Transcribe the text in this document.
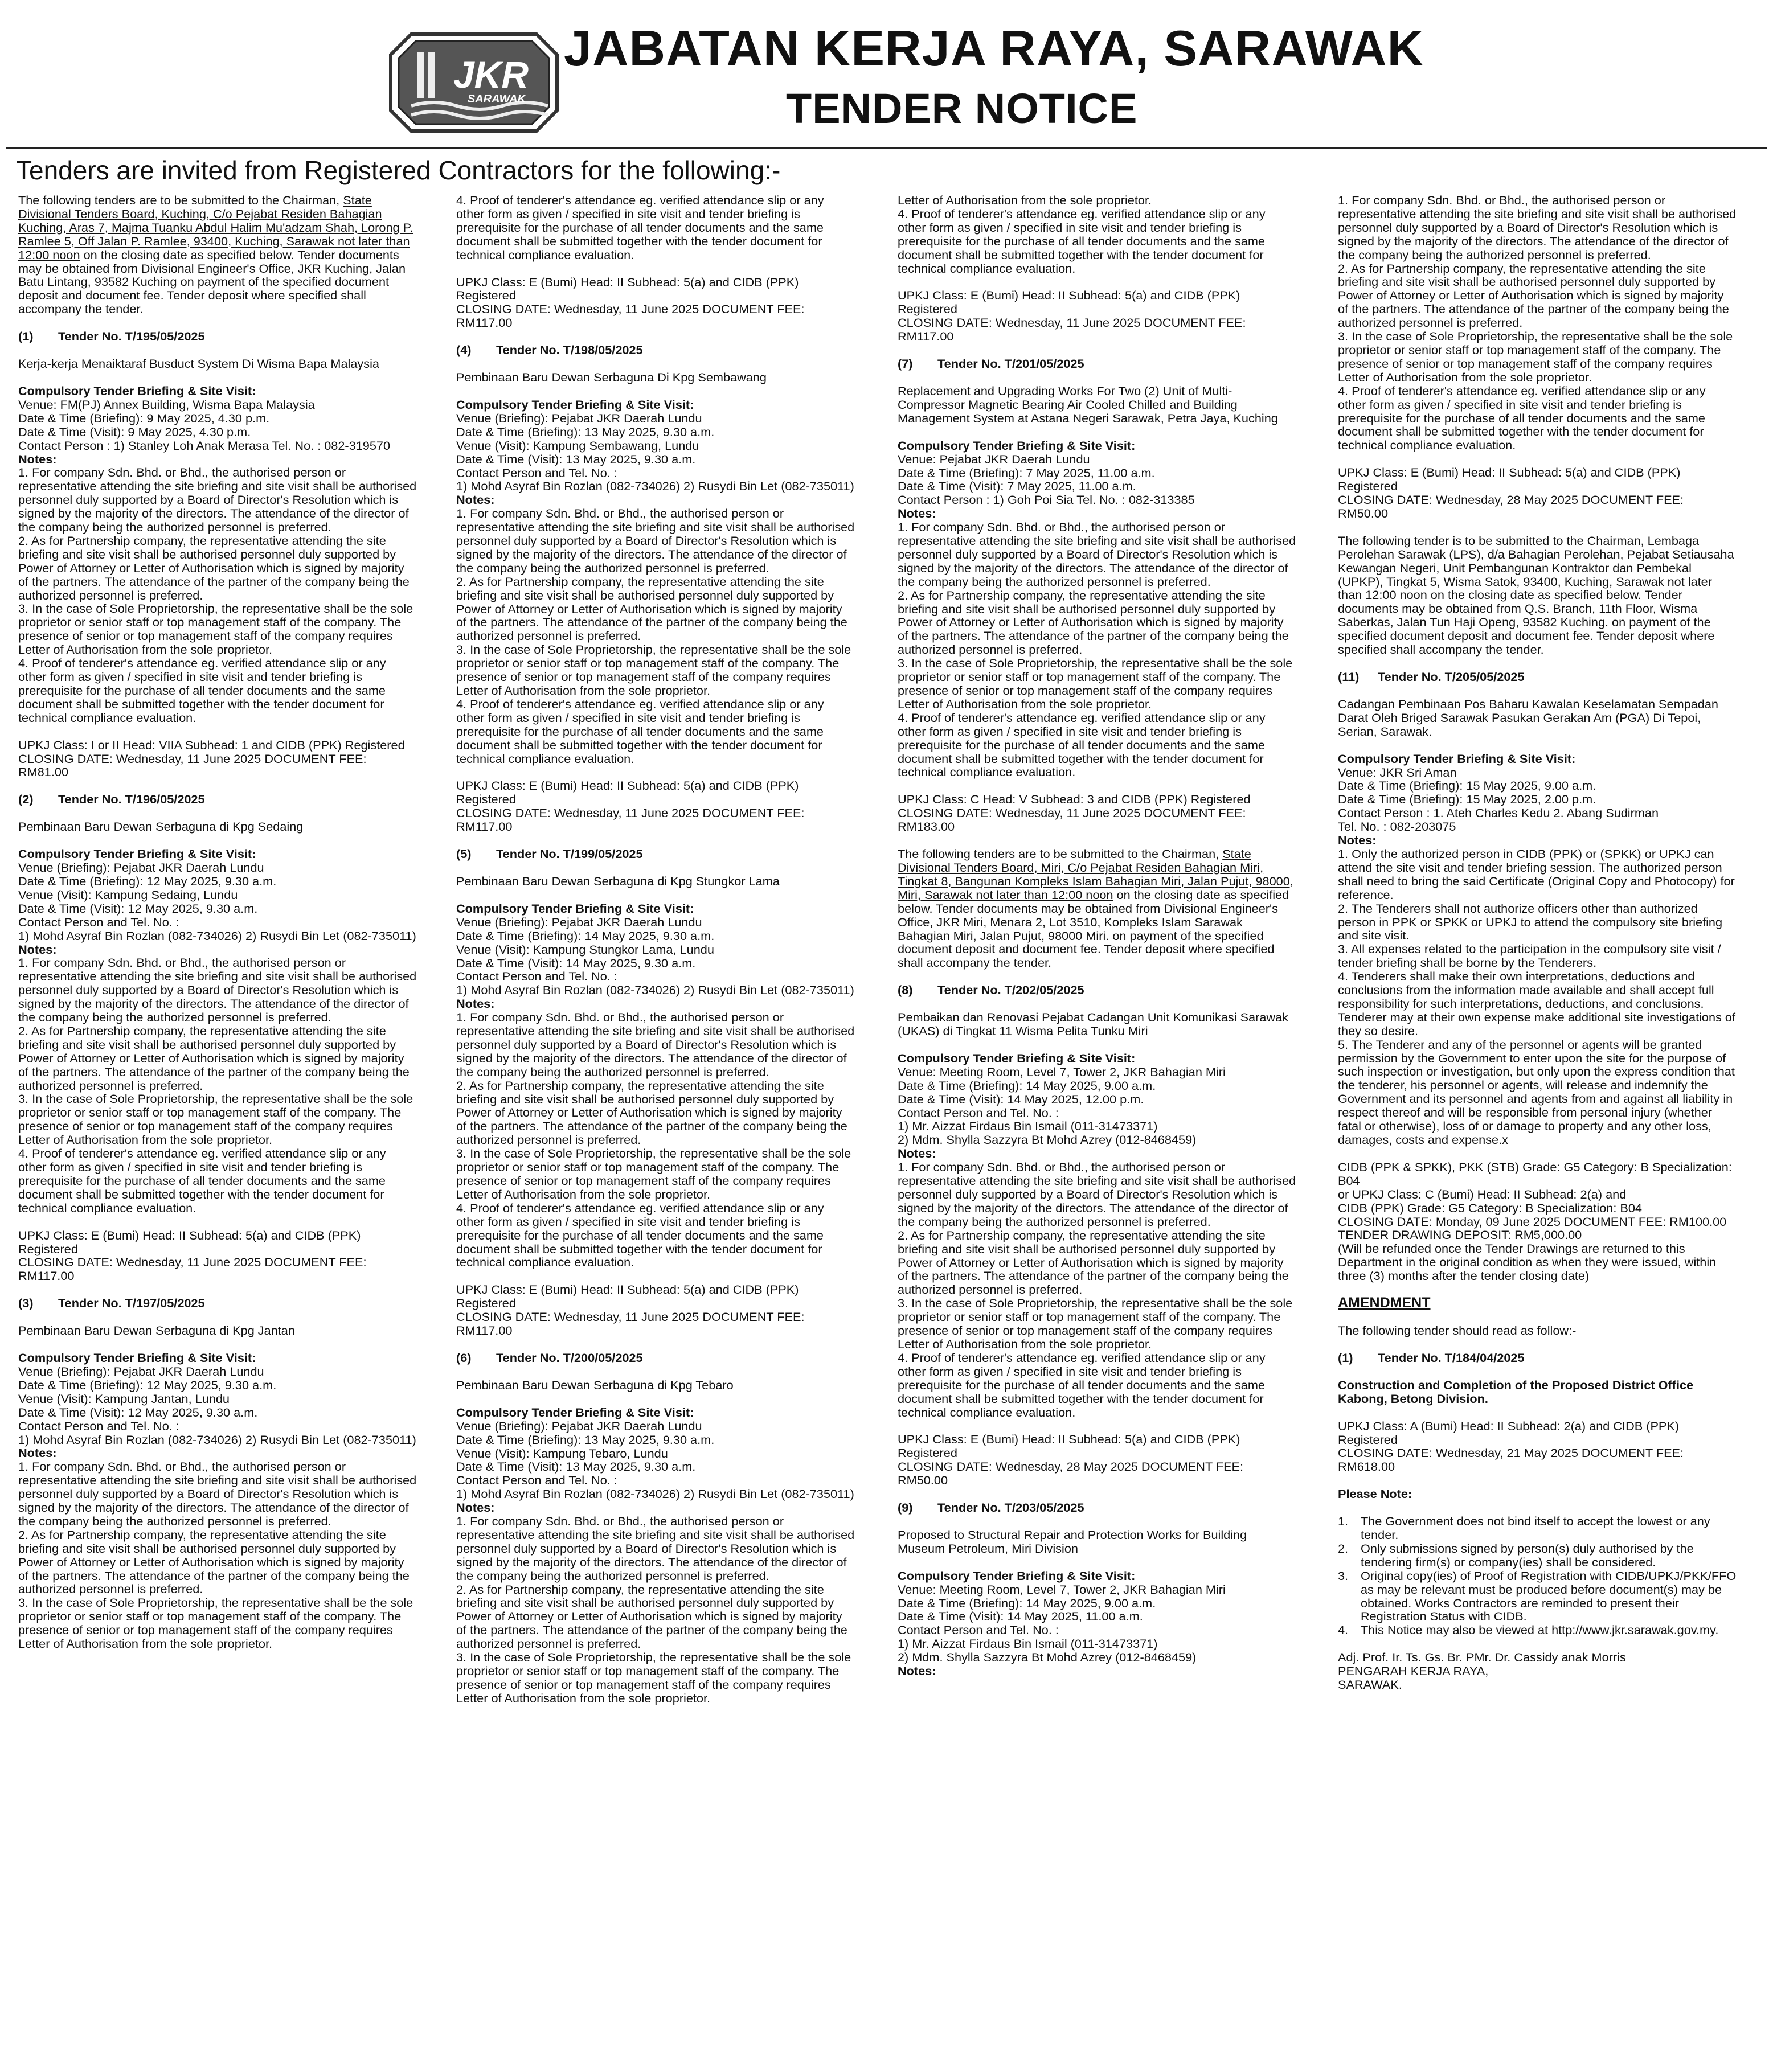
JKR
SARAWAK
JABATAN KERJA RAYA, SARAWAK
TENDER NOTICE
Tenders are invited from Registered Contractors for the following:-

The following tenders are to be submitted to the Chairman, State Divisional Tenders Board, Kuching, C/o Pejabat Residen Bahagian Kuching, Aras 7, Majma Tuanku Abdul Halim Mu'adzam Shah, Lorong P. Ramlee 5, Off Jalan P. Ramlee, 93400, Kuching, Sarawak not later than 12:00 noon on the closing date as specified below. Tender documents may be obtained from Divisional Engineer's Office, JKR Kuching, Jalan Batu Lintang, 93582 Kuching on payment of the specified document deposit and document fee. Tender deposit where specified shall accompany the tender.

(1) Tender No. T/195/05/2025

Kerja-kerja Menaiktaraf Busduct System Di Wisma Bapa Malaysia

Compulsory Tender Briefing & Site Visit:

Venue: FM(PJ) Annex Building, Wisma Bapa Malaysia

Date & Time (Briefing): 9 May 2025, 4.30 p.m.

Date & Time (Visit): 9 May 2025, 4.30 p.m.

Contact Person : 1) Stanley Loh Anak Merasa Tel. No. : 082-319570

Notes:

1. For company Sdn. Bhd. or Bhd., the authorised person or representative attending the site briefing and site visit shall be authorised personnel duly supported by a Board of Director's Resolution which is signed by the majority of the directors. The attendance of the director of the company being the authorized personnel is preferred.

2. As for Partnership company, the representative attending the site briefing and site visit shall be authorised personnel duly supported by Power of Attorney or Letter of Authorisation which is signed by majority of the partners. The attendance of the partner of the company being the authorized personnel is preferred.

3. In the case of Sole Proprietorship, the representative shall be the sole proprietor or senior staff or top management staff of the company. The presence of senior or top management staff of the company requires Letter of Authorisation from the sole proprietor.

4. Proof of tenderer's attendance eg. verified attendance slip or any other form as given / specified in site visit and tender briefing is prerequisite for the purchase of all tender documents and the same document shall be submitted together with the tender document for technical compliance evaluation.

UPKJ Class: I or II Head: VIIA Subhead: 1 and CIDB (PPK) Registered

CLOSING DATE: Wednesday, 11 June 2025 DOCUMENT FEE: RM81.00

(2) Tender No. T/196/05/2025

Pembinaan Baru Dewan Serbaguna di Kpg Sedaing

Compulsory Tender Briefing & Site Visit:

Venue (Briefing): Pejabat JKR Daerah Lundu

Date & Time (Briefing): 12 May 2025, 9.30 a.m.

Venue (Visit): Kampung Sedaing, Lundu

Date & Time (Visit): 12 May 2025, 9.30 a.m.

Contact Person and Tel. No. :

1) Mohd Asyraf Bin Rozlan (082-734026) 2) Rusydi Bin Let (082-735011)

Notes:

1. For company Sdn. Bhd. or Bhd., the authorised person or representative attending the site briefing and site visit shall be authorised personnel duly supported by a Board of Director's Resolution which is signed by the majority of the directors. The attendance of the director of the company being the authorized personnel is preferred.

2. As for Partnership company, the representative attending the site briefing and site visit shall be authorised personnel duly supported by Power of Attorney or Letter of Authorisation which is signed by majority of the partners. The attendance of the partner of the company being the authorized personnel is preferred.

3. In the case of Sole Proprietorship, the representative shall be the sole proprietor or senior staff or top management staff of the company. The presence of senior or top management staff of the company requires Letter of Authorisation from the sole proprietor.

4. Proof of tenderer's attendance eg. verified attendance slip or any other form as given / specified in site visit and tender briefing is prerequisite for the purchase of all tender documents and the same document shall be submitted together with the tender document for technical compliance evaluation.

UPKJ Class: E (Bumi) Head: II Subhead: 5(a) and CIDB (PPK) Registered

CLOSING DATE: Wednesday, 11 June 2025 DOCUMENT FEE: RM117.00

(3) Tender No. T/197/05/2025

Pembinaan Baru Dewan Serbaguna di Kpg Jantan

Compulsory Tender Briefing & Site Visit:

Venue (Briefing): Pejabat JKR Daerah Lundu

Date & Time (Briefing): 12 May 2025, 9.30 a.m.

Venue (Visit): Kampung Jantan, Lundu

Date & Time (Visit): 12 May 2025, 9.30 a.m.

Contact Person and Tel. No. :

1) Mohd Asyraf Bin Rozlan (082-734026) 2) Rusydi Bin Let (082-735011)

Notes:

1. For company Sdn. Bhd. or Bhd., the authorised person or representative attending the site briefing and site visit shall be authorised personnel duly supported by a Board of Director's Resolution which is signed by the majority of the directors. The attendance of the director of the company being the authorized personnel is preferred.

2. As for Partnership company, the representative attending the site briefing and site visit shall be authorised personnel duly supported by Power of Attorney or Letter of Authorisation which is signed by majority of the partners. The attendance of the partner of the company being the authorized personnel is preferred.

3. In the case of Sole Proprietorship, the representative shall be the sole proprietor or senior staff or top management staff of the company. The presence of senior or top management staff of the company requires Letter of Authorisation from the sole proprietor.

4. Proof of tenderer's attendance eg. verified attendance slip or any other form as given / specified in site visit and tender briefing is prerequisite for the purchase of all tender documents and the same document shall be submitted together with the tender document for technical compliance evaluation.

UPKJ Class: E (Bumi) Head: II Subhead: 5(a) and CIDB (PPK) Registered

CLOSING DATE: Wednesday, 11 June 2025 DOCUMENT FEE: RM117.00

(4) Tender No. T/198/05/2025

Pembinaan Baru Dewan Serbaguna Di Kpg Sembawang

Compulsory Tender Briefing & Site Visit:

Venue (Briefing): Pejabat JKR Daerah Lundu

Date & Time (Briefing): 13 May 2025, 9.30 a.m.

Venue (Visit): Kampung Sembawang, Lundu

Date & Time (Visit): 13 May 2025, 9.30 a.m.

Contact Person and Tel. No. :

1) Mohd Asyraf Bin Rozlan (082-734026) 2) Rusydi Bin Let (082-735011)

Notes:

1. For company Sdn. Bhd. or Bhd., the authorised person or representative attending the site briefing and site visit shall be authorised personnel duly supported by a Board of Director's Resolution which is signed by the majority of the directors. The attendance of the director of the company being the authorized personnel is preferred.

2. As for Partnership company, the representative attending the site briefing and site visit shall be authorised personnel duly supported by Power of Attorney or Letter of Authorisation which is signed by majority of the partners. The attendance of the partner of the company being the authorized personnel is preferred.

3. In the case of Sole Proprietorship, the representative shall be the sole proprietor or senior staff or top management staff of the company. The presence of senior or top management staff of the company requires Letter of Authorisation from the sole proprietor.

4. Proof of tenderer's attendance eg. verified attendance slip or any other form as given / specified in site visit and tender briefing is prerequisite for the purchase of all tender documents and the same document shall be submitted together with the tender document for technical compliance evaluation.

UPKJ Class: E (Bumi) Head: II Subhead: 5(a) and CIDB (PPK) Registered

CLOSING DATE: Wednesday, 11 June 2025 DOCUMENT FEE: RM117.00

(5) Tender No. T/199/05/2025

Pembinaan Baru Dewan Serbaguna di Kpg Stungkor Lama

Compulsory Tender Briefing & Site Visit:

Venue (Briefing): Pejabat JKR Daerah Lundu

Date & Time (Briefing): 14 May 2025, 9.30 a.m.

Venue (Visit): Kampung Stungkor Lama, Lundu

Date & Time (Visit): 14 May 2025, 9.30 a.m.

Contact Person and Tel. No. :

1) Mohd Asyraf Bin Rozlan (082-734026) 2) Rusydi Bin Let (082-735011)

Notes:

1. For company Sdn. Bhd. or Bhd., the authorised person or representative attending the site briefing and site visit shall be authorised personnel duly supported by a Board of Director's Resolution which is signed by the majority of the directors. The attendance of the director of the company being the authorized personnel is preferred.

2. As for Partnership company, the representative attending the site briefing and site visit shall be authorised personnel duly supported by Power of Attorney or Letter of Authorisation which is signed by majority of the partners. The attendance of the partner of the company being the authorized personnel is preferred.

3. In the case of Sole Proprietorship, the representative shall be the sole proprietor or senior staff or top management staff of the company. The presence of senior or top management staff of the company requires Letter of Authorisation from the sole proprietor.

4. Proof of tenderer's attendance eg. verified attendance slip or any other form as given / specified in site visit and tender briefing is prerequisite for the purchase of all tender documents and the same document shall be submitted together with the tender document for technical compliance evaluation.

UPKJ Class: E (Bumi) Head: II Subhead: 5(a) and CIDB (PPK) Registered

CLOSING DATE: Wednesday, 11 June 2025 DOCUMENT FEE: RM117.00

(6) Tender No. T/200/05/2025

Pembinaan Baru Dewan Serbaguna di Kpg Tebaro

Compulsory Tender Briefing & Site Visit:

Venue (Briefing): Pejabat JKR Daerah Lundu

Date & Time (Briefing): 13 May 2025, 9.30 a.m.

Venue (Visit): Kampung Tebaro, Lundu

Date & Time (Visit): 13 May 2025, 9.30 a.m.

Contact Person and Tel. No. :

1) Mohd Asyraf Bin Rozlan (082-734026) 2) Rusydi Bin Let (082-735011)

Notes:

1. For company Sdn. Bhd. or Bhd., the authorised person or representative attending the site briefing and site visit shall be authorised personnel duly supported by a Board of Director's Resolution which is signed by the majority of the directors. The attendance of the director of the company being the authorized personnel is preferred.

2. As for Partnership company, the representative attending the site briefing and site visit shall be authorised personnel duly supported by Power of Attorney or Letter of Authorisation which is signed by majority of the partners. The attendance of the partner of the company being the authorized personnel is preferred.

3. In the case of Sole Proprietorship, the representative shall be the sole proprietor or senior staff or top management staff of the company. The presence of senior or top management staff of the company requires Letter of Authorisation from the sole proprietor.

Letter of Authorisation from the sole proprietor.

4. Proof of tenderer's attendance eg. verified attendance slip or any other form as given / specified in site visit and tender briefing is prerequisite for the purchase of all tender documents and the same document shall be submitted together with the tender document for technical compliance evaluation.

UPKJ Class: E (Bumi) Head: II Subhead: 5(a) and CIDB (PPK) Registered

CLOSING DATE: Wednesday, 11 June 2025 DOCUMENT FEE: RM117.00

(7) Tender No. T/201/05/2025

Replacement and Upgrading Works For Two (2) Unit of Multi-Compressor Magnetic Bearing Air Cooled Chilled and Building Management System at Astana Negeri Sarawak, Petra Jaya, Kuching

Compulsory Tender Briefing & Site Visit:

Venue: Pejabat JKR Daerah Lundu

Date & Time (Briefing): 7 May 2025, 11.00 a.m.

Date & Time (Visit): 7 May 2025, 11.00 a.m.

Contact Person : 1) Goh Poi Sia Tel. No. : 082-313385

Notes:

1. For company Sdn. Bhd. or Bhd., the authorised person or representative attending the site briefing and site visit shall be authorised personnel duly supported by a Board of Director's Resolution which is signed by the majority of the directors. The attendance of the director of the company being the authorized personnel is preferred.

2. As for Partnership company, the representative attending the site briefing and site visit shall be authorised personnel duly supported by Power of Attorney or Letter of Authorisation which is signed by majority of the partners. The attendance of the partner of the company being the authorized personnel is preferred.

3. In the case of Sole Proprietorship, the representative shall be the sole proprietor or senior staff or top management staff of the company. The presence of senior or top management staff of the company requires Letter of Authorisation from the sole proprietor.

4. Proof of tenderer's attendance eg. verified attendance slip or any other form as given / specified in site visit and tender briefing is prerequisite for the purchase of all tender documents and the same document shall be submitted together with the tender document for technical compliance evaluation.

UPKJ Class: C Head: V Subhead: 3 and CIDB (PPK) Registered

CLOSING DATE: Wednesday, 11 June 2025 DOCUMENT FEE: RM183.00

The following tenders are to be submitted to the Chairman, State Divisional Tenders Board, Miri, C/o Pejabat Residen Bahagian Miri, Tingkat 8, Bangunan Kompleks Islam Bahagian Miri, Jalan Pujut, 98000, Miri, Sarawak not later than 12:00 noon on the closing date as specified below. Tender documents may be obtained from Divisional Engineer's Office, JKR Miri, Menara 2, Lot 3510, Kompleks Islam Sarawak Bahagian Miri, Jalan Pujut, 98000 Miri. on payment of the specified document deposit and document fee. Tender deposit where specified shall accompany the tender.

(8) Tender No. T/202/05/2025

Pembaikan dan Renovasi Pejabat Cadangan Unit Komunikasi Sarawak (UKAS) di Tingkat 11 Wisma Pelita Tunku Miri

Compulsory Tender Briefing & Site Visit:

Venue: Meeting Room, Level 7, Tower 2, JKR Bahagian Miri

Date & Time (Briefing): 14 May 2025, 9.00 a.m.

Date & Time (Visit): 14 May 2025, 12.00 p.m.

Contact Person and Tel. No. :

1) Mr. Aizzat Firdaus Bin Ismail (011-31473371)

2) Mdm. Shylla Sazzyra Bt Mohd Azrey (012-8468459)

Notes:

1. For company Sdn. Bhd. or Bhd., the authorised person or representative attending the site briefing and site visit shall be authorised personnel duly supported by a Board of Director's Resolution which is signed by the majority of the directors. The attendance of the director of the company being the authorized personnel is preferred.

2. As for Partnership company, the representative attending the site briefing and site visit shall be authorised personnel duly supported by Power of Attorney or Letter of Authorisation which is signed by majority of the partners. The attendance of the partner of the company being the authorized personnel is preferred.

3. In the case of Sole Proprietorship, the representative shall be the sole proprietor or senior staff or top management staff of the company. The presence of senior or top management staff of the company requires Letter of Authorisation from the sole proprietor.

4. Proof of tenderer's attendance eg. verified attendance slip or any other form as given / specified in site visit and tender briefing is prerequisite for the purchase of all tender documents and the same document shall be submitted together with the tender document for technical compliance evaluation.

UPKJ Class: E (Bumi) Head: II Subhead: 5(a) and CIDB (PPK) Registered

CLOSING DATE: Wednesday, 28 May 2025 DOCUMENT FEE: RM50.00

(9) Tender No. T/203/05/2025

Proposed to Structural Repair and Protection Works for Building Museum Petroleum, Miri Division

Compulsory Tender Briefing & Site Visit:

Venue: Meeting Room, Level 7, Tower 2, JKR Bahagian Miri

Date & Time (Briefing): 14 May 2025, 9.00 a.m.

Date & Time (Visit): 14 May 2025, 11.00 a.m.

Contact Person and Tel. No. :

1) Mr. Aizzat Firdaus Bin Ismail (011-31473371)

2) Mdm. Shylla Sazzyra Bt Mohd Azrey (012-8468459)

Notes:

1. For company Sdn. Bhd. or Bhd., the authorised person or representative attending the site briefing and site visit shall be authorised personnel duly supported by a Board of Director's Resolution which is signed by the majority of the directors. The attendance of the director of the company being the authorized personnel is preferred.

2. As for Partnership company, the representative attending the site briefing and site visit shall be authorised personnel duly supported by Power of Attorney or Letter of Authorisation which is signed by majority of the partners. The attendance of the partner of the company being the authorized personnel is preferred.

3. In the case of Sole Proprietorship, the representative shall be the sole proprietor or senior staff or top management staff of the company. The presence of senior or top management staff of the company requires Letter of Authorisation from the sole proprietor.

4. Proof of tenderer's attendance eg. verified attendance slip or any other form as given / specified in site visit and tender briefing is prerequisite for the purchase of all tender documents and the same document shall be submitted together with the tender document for technical compliance evaluation.

UPKJ Class: E (Bumi) Head: II Subhead: 5(a) and CIDB (PPK) Registered

CLOSING DATE: Wednesday, 28 May 2025 DOCUMENT FEE: RM50.00

The following tender is to be submitted to the Chairman, Lembaga Perolehan Sarawak (LPS), d/a Bahagian Perolehan, Pejabat Setiausaha Kewangan Negeri, Unit Pembangunan Kontraktor dan Pembekal (UPKP), Tingkat 5, Wisma Satok, 93400, Kuching, Sarawak not later than 12:00 noon on the closing date as specified below. Tender documents may be obtained from Q.S. Branch, 11th Floor, Wisma Saberkas, Jalan Tun Haji Openg, 93582 Kuching. on payment of the specified document deposit and document fee. Tender deposit where specified shall accompany the tender.

(11) Tender No. T/205/05/2025

Cadangan Pembinaan Pos Baharu Kawalan Keselamatan Sempadan Darat Oleh Briged Sarawak Pasukan Gerakan Am (PGA) Di Tepoi, Serian, Sarawak.

Compulsory Tender Briefing & Site Visit:

Venue: JKR Sri Aman

Date & Time (Briefing): 15 May 2025, 9.00 a.m.

Date & Time (Briefing): 15 May 2025, 2.00 p.m.

Contact Person : 1. Ateh Charles Kedu 2. Abang Sudirman

Tel. No. : 082-203075

Notes:

1. Only the authorized person in CIDB (PPK) or (SPKK) or UPKJ can attend the site visit and tender briefing session. The authorized person shall need to bring the said Certificate (Original Copy and Photocopy) for reference.

2. The Tenderers shall not authorize officers other than authorized person in PPK or SPKK or UPKJ to attend the compulsory site briefing and site visit.

3. All expenses related to the participation in the compulsory site visit / tender briefing shall be borne by the Tenderers.

4. Tenderers shall make their own interpretations, deductions and conclusions from the information made available and shall accept full responsibility for such interpretations, deductions, and conclusions. Tenderer may at their own expense make additional site investigations of they so desire.

5. The Tenderer and any of the personnel or agents will be granted permission by the Government to enter upon the site for the purpose of such inspection or investigation, but only upon the express condition that the tenderer, his personnel or agents, will release and indemnify the Government and its personnel and agents from and against all liability in respect thereof and will be responsible from personal injury (whether fatal or otherwise), loss of or damage to property and any other loss, damages, costs and expense.x

CIDB (PPK & SPKK), PKK (STB) Grade: G5 Category: B Specialization: B04

or UPKJ Class: C (Bumi) Head: II Subhead: 2(a) and

CIDB (PPK) Grade: G5 Category: B Specialization: B04

CLOSING DATE: Monday, 09 June 2025 DOCUMENT FEE: RM100.00

TENDER DRAWING DEPOSIT: RM5,000.00

(Will be refunded once the Tender Drawings are returned to this Department in the original condition as when they were issued, within three (3) months after the tender closing date)

AMENDMENT

The following tender should read as follow:-

(1) Tender No. T/184/04/2025

Construction and Completion of the Proposed District Office Kabong, Betong Division.

UPKJ Class: A (Bumi) Head: II Subhead: 2(a) and CIDB (PPK) Registered

CLOSING DATE: Wednesday, 21 May 2025 DOCUMENT FEE: RM618.00

Please Note:

1. The Government does not bind itself to accept the lowest or any tender.
2. Only submissions signed by person(s) duly authorised by the tendering firm(s) or company(ies) shall be considered.
3. Original copy(ies) of Proof of Registration with CIDB/UPKJ/PKK/FFO as may be relevant must be produced before document(s) may be obtained. Works Contractors are reminded to present their Registration Status with CIDB.
4. This Notice may also be viewed at http://www.jkr.sarawak.gov.my.

Adj. Prof. Ir. Ts. Gs. Br. PMr. Dr. Cassidy anak Morris

PENGARAH KERJA RAYA,

SARAWAK.
